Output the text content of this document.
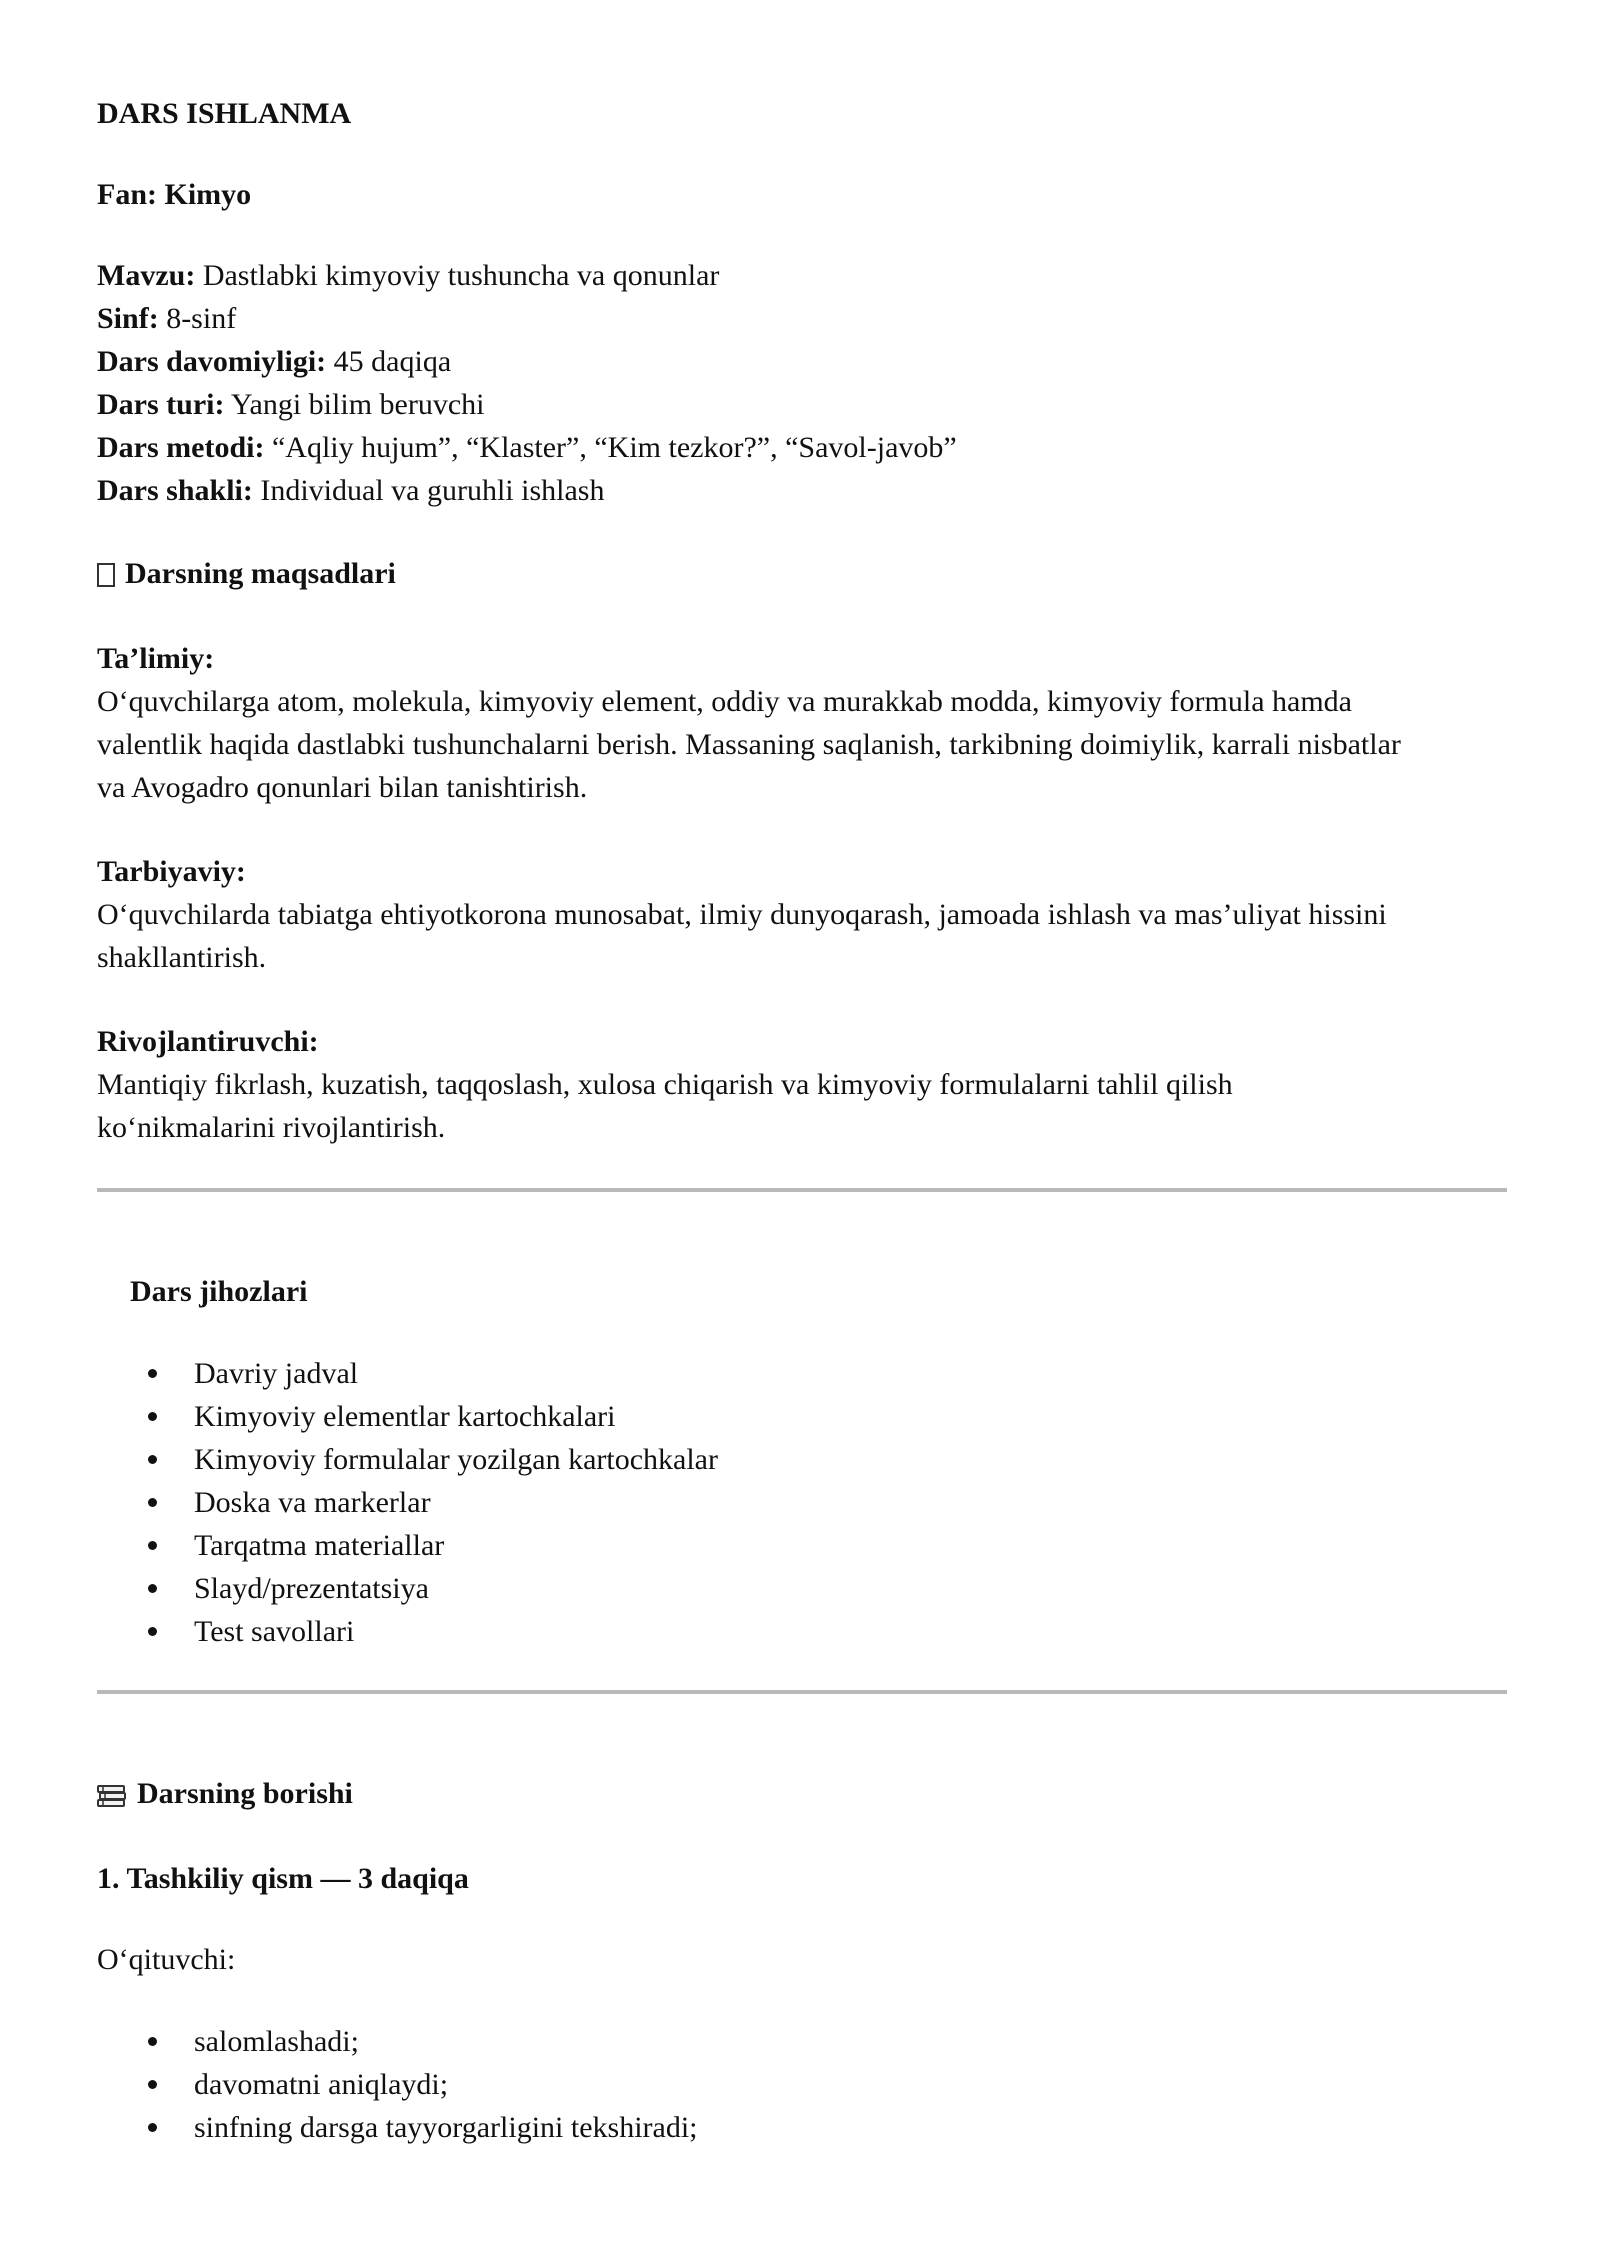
DARS ISHLANMA

Fan: Kimyo

Mavzu: Dastlabki kimyoviy tushuncha va qonunlar

Sinf: 8-sinf

Dars davomiyligi: 45 daqiqa

Dars turi: Yangi bilim beruvchi

Dars metodi: “Aqliy hujum”, “Klaster”, “Kim tezkor?”, “Savol-javob”

Dars shakli: Individual va guruhli ishlash

Darsning maqsadlari

Ta’limiy:

O‘quvchilarga atom, molekula, kimyoviy element, oddiy va murakkab modda, kimyoviy formula hamda

valentlik haqida dastlabki tushunchalarni berish. Massaning saqlanish, tarkibning doimiylik, karrali nisbatlar

va Avogadro qonunlari bilan tanishtirish.

Tarbiyaviy:

O‘quvchilarda tabiatga ehtiyotkorona munosabat, ilmiy dunyoqarash, jamoada ishlash va mas’uliyat hissini

shakllantirish.

Rivojlantiruvchi:

Mantiqiy fikrlash, kuzatish, taqqoslash, xulosa chiqarish va kimyoviy formulalarni tahlil qilish

ko‘nikmalarini rivojlantirish.

Dars jihozlari

Davriy jadval
Kimyoviy elementlar kartochkalari
Kimyoviy formulalar yozilgan kartochkalar
Doska va markerlar
Tarqatma materiallar
Slayd/prezentatsiya
Test savollari

Darsning borishi

1. Tashkiliy qism — 3 daqiqa

O‘qituvchi:

salomlashadi;
davomatni aniqlaydi;
sinfning darsga tayyorgarligini tekshiradi;
